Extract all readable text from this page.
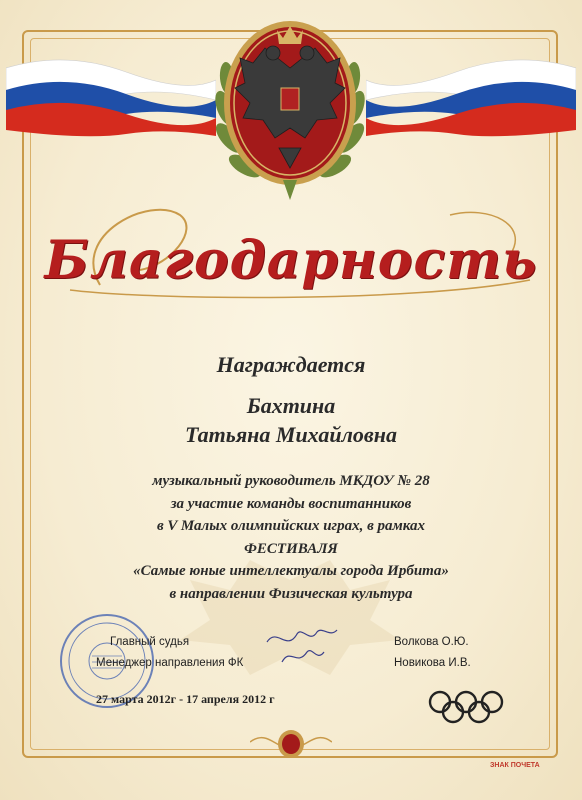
Благодарность
Награждается
Бахтина
Татьяна Михайловна
музыкальный руководитель МКДОУ № 28
за участие команды воспитанников
в V Малых олимпийских играх, в рамках
ФЕСТИВАЛЯ
«Самые юные интеллектуалы города Ирбита»
в направлении Физическая культура
Главный судья
Менеджер направления ФК
Волкова О.Ю.
Новикова И.В.
27 марта 2012г - 17 апреля 2012 г
ЗНАК ПОЧЕТА
